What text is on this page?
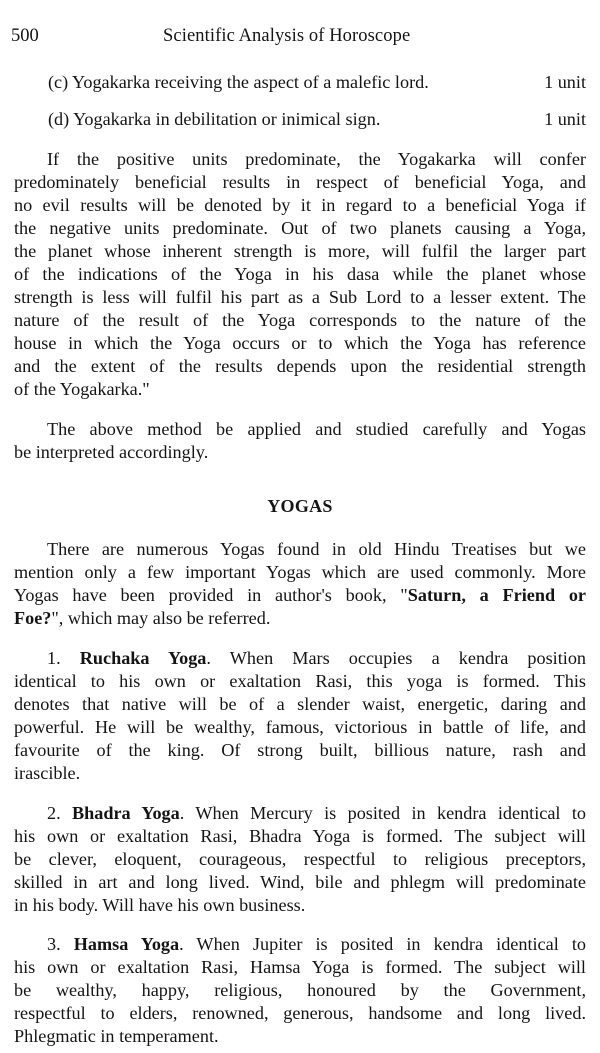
500	Scientific Analysis of Horoscope
(c) Yogakarka receiving the aspect of a malefic lord.	1 unit
(d) Yogakarka in debilitation or inimical sign.	1 unit
If the positive units predominate, the Yogakarka will confer
predominately beneficial results in respect of beneficial Yoga, and
no evil results will be denoted by it in regard to a beneficial Yoga if
the negative units predominate. Out of two planets causing a Yoga,
the planet whose inherent strength is more, will fulfil the larger part
of the indications of the Yoga in his dasa while the planet whose
strength is less will fulfil his part as a Sub Lord to a lesser extent. The
nature of the result of the Yoga corresponds to the nature of the
house in which the Yoga occurs or to which the Yoga has reference
and the extent of the results depends upon the residential strength
of the Yogakarka."
The above method be applied and studied carefully and Yogas
be interpreted accordingly.
YOGAS
There are numerous Yogas found in old Hindu Treatises but we
mention only a few important Yogas which are used commonly. More
Yogas have been provided in author's book, "Saturn, a Friend or
Foe?", which may also be referred.
1. Ruchaka Yoga. When Mars occupies a kendra position
identical to his own or exaltation Rasi, this yoga is formed. This
denotes that native will be of a slender waist, energetic, daring and
powerful. He will be wealthy, famous, victorious in battle of life, and
favourite of the king. Of strong built, billious nature, rash and
irascible.
2. Bhadra Yoga. When Mercury is posited in kendra identical to
his own or exaltation Rasi, Bhadra Yoga is formed. The subject will
be clever, eloquent, courageous, respectful to religious preceptors,
skilled in art and long lived. Wind, bile and phlegm will predominate
in his body. Will have his own business.
3. Hamsa Yoga. When Jupiter is posited in kendra identical to
his own or exaltation Rasi, Hamsa Yoga is formed. The subject will
be wealthy, happy, religious, honoured by the Government,
respectful to elders, renowned, generous, handsome and long lived.
Phlegmatic in temperament.
